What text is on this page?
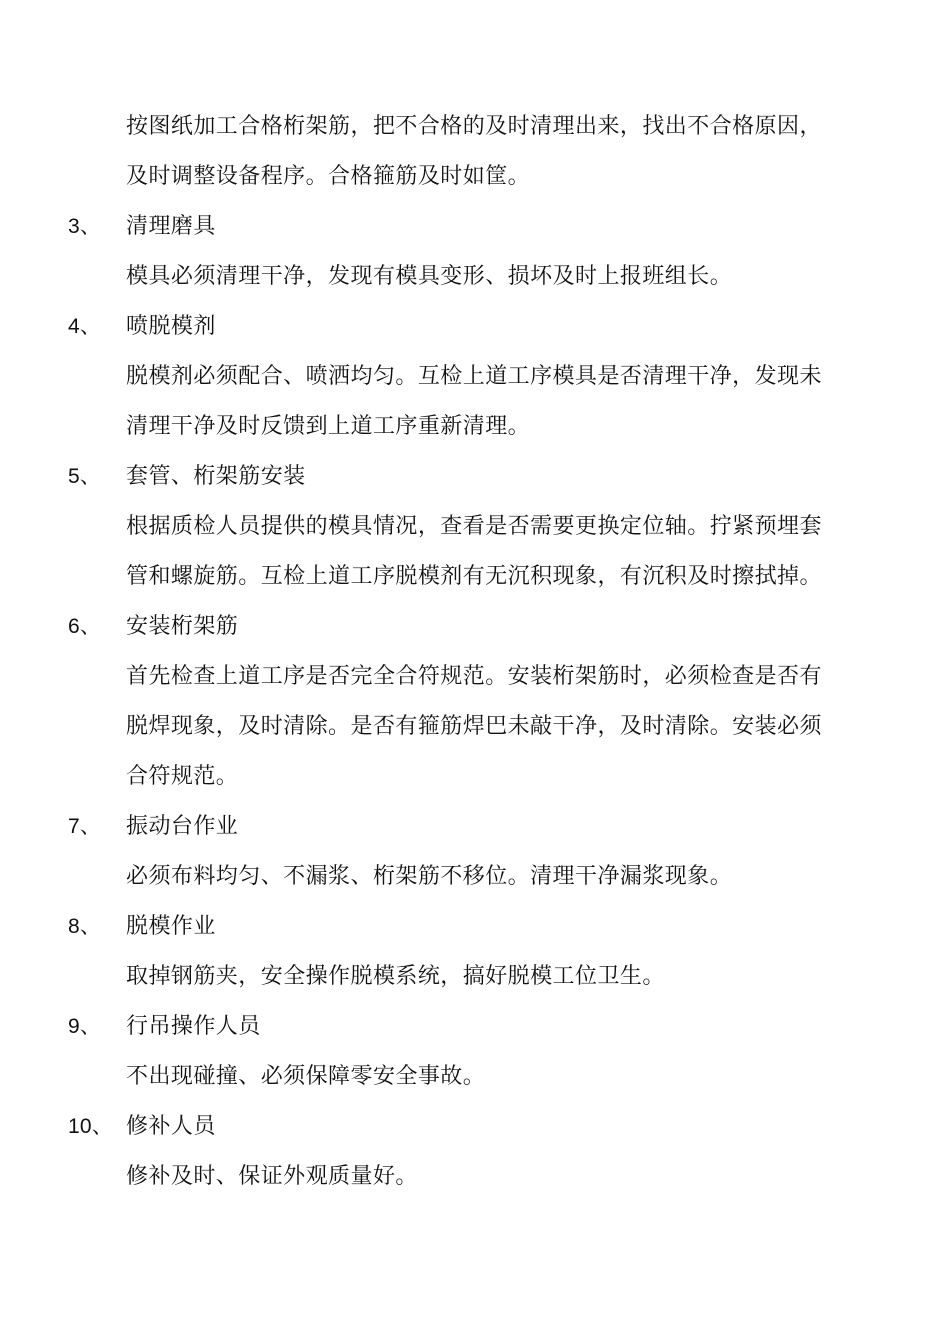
按图纸加工合格桁架筋，把不合格的及时清理出来，找出不合格原因，
及时调整设备程序。合格箍筋及时如筐。
3、	清理磨具
模具必须清理干净，发现有模具变形、损坏及时上报班组长。
4、	喷脱模剂
脱模剂必须配合、喷洒均匀。互检上道工序模具是否清理干净，发现未
清理干净及时反馈到上道工序重新清理。
5、	套管、桁架筋安装
根据质检人员提供的模具情况，查看是否需要更换定位轴。拧紧预埋套
管和螺旋筋。互检上道工序脱模剂有无沉积现象，有沉积及时擦拭掉。
6、	安装桁架筋
首先检查上道工序是否完全合符规范。安装桁架筋时，必须检查是否有
脱焊现象，及时清除。是否有箍筋焊巴未敲干净，及时清除。安装必须
合符规范。
7、	振动台作业
必须布料均匀、不漏浆、桁架筋不移位。清理干净漏浆现象。
8、	脱模作业
取掉钢筋夹，安全操作脱模系统，搞好脱模工位卫生。
9、	行吊操作人员
不出现碰撞、必须保障零安全事故。
10、 修补人员
修补及时、保证外观质量好。
